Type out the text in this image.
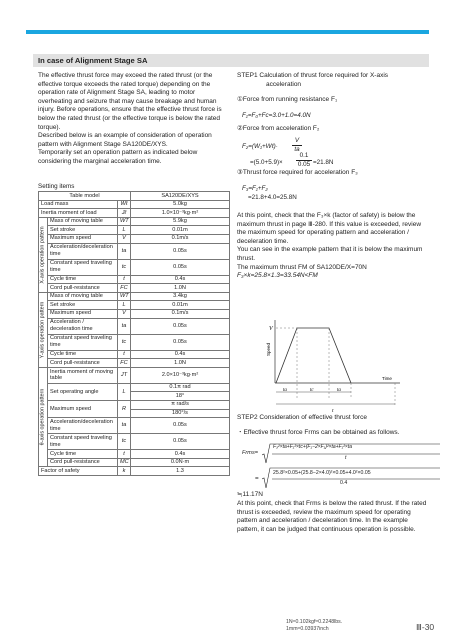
In case of Alignment Stage SA

The effective thrust force may exceed the rated thrust (or the effective torque exceeds the rated torque) depending on the operation rate of Alignment Stage SA, leading to motor overheating and seizure that may cause breakage and human injury. Before operations, ensure that the effective thrust force is below the rated thrust (or the effective torque is below the rated torque).

Described below is an example of consideration of operation pattern with Alignment Stage SA120DE/XYS.

Temporarily set an operation pattern as indicated below considering the marginal acceleration time.

Setting items
Table model			SA120DE/XYS
Load mass		Wℓ	5.0kg
Inertia moment of load		Jℓ	1.0×10⁻³kg·m²

X-axis operation pattern	Mass of moving table	WT	5.9kg
	Set stroke	L	0.01m
	Maximum speed	V	0.1m/s
	Acceleration/deceleration time	ta	0.05s
	Constant speed traveling time	tc	0.05s
	Cycle time	t	0.4s
	Cord pull-resistance	FC	1.0N

Y-axis operation pattern	Mass of moving table	WT	3.4kg
	Set stroke	L	0.01m
	Maximum speed	V	0.1m/s
	Acceleration / deceleration time	ta	0.05s
	Constant speed traveling time	tc	0.05s
	Cycle time	t	0.4s
	Cord pull-resistance	FC	1.0N

θ-axis operation pattern	Inertia moment of moving table	JT	2.0×10⁻³kg·m²
	Set operating angle	L	0.1π rad
			18°
	Maximum speed	R	π rad/s
			180°/s
	Acceleration/deceleration time	ta	0.05s
	Constant speed traveling time	tc	0.05s
	Cycle time	t	0.4s
	Cord pull-resistance	MC	0.0N·m
Factor of safety		k	1.3

STEP1 Calculation of thrust force required for X-axis

acceleration

①Force from running resistance F₁
F₁=F₀+Fc=3.0+1.0=4.0N
②Force from acceleration F₂
F₂=(W₁+Wℓ)·
V
ta
=(5.0+5.9)×
0.1
0.05 =21.8N
③Thrust force required for acceleration F₃
F₃=F₁+F₂
=21.8+4.0=25.8N

At this point, check that the F₃×k (factor of safety) is below the maximum thrust in page Ⅲ-280. If this value is exceeded, review the maximum speed for operating pattern and acceleration / deceleration time.

You can see in the example pattern that it is below the maximum thrust.

The maximum thrust FM of SA120DE/X=70N

F₃×k=25.8×1.3=33.54N<FM

V
Speed
Time
ta	tc	ta
t
STEP2 Consideration of effective thrust force
・Effective thrust force Frms can be obtained as follows.
Frms=
F₃²×ta+F₁²×tc+(F₁−2×F₁)²×ta+F₁²×ta
t
=
25.8²×0.05+(25.8−2×4.0)²×0.05+4.0²×0.05
0.4
≒11.17N
At this point, check that Frms is below the rated thrust. If the rated thrust is exceeded, review the maximum speed for operating pattern and acceleration / deceleration time. In the example pattern, it can be judged that continuous operation is possible.
1N≈0.102kgf≈0.2248lbs.
1mm≈0.03937inch	Ⅲ-30
